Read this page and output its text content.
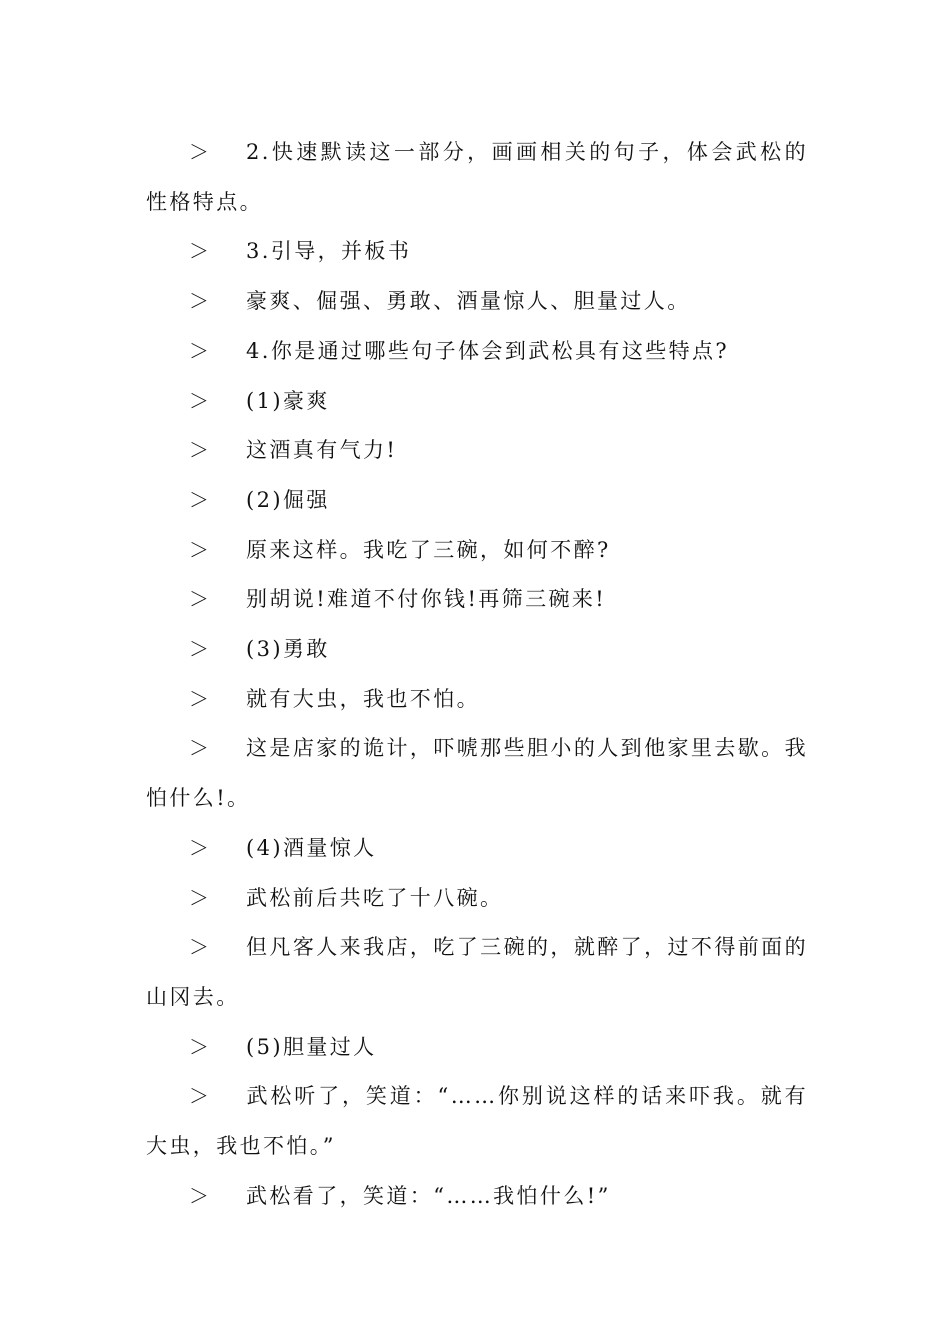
＞ 2.快速默读这一部分，画画相关的句子，体会武松的性格特点。

＞ 3.引导，并板书

＞ 豪爽、倔强、勇敢、酒量惊人、胆量过人。

＞ 4.你是通过哪些句子体会到武松具有这些特点?

＞ (1)豪爽

＞ 这酒真有气力!

＞ (2)倔强

＞ 原来这样。我吃了三碗，如何不醉?

＞ 别胡说!难道不付你钱!再筛三碗来!

＞ (3)勇敢

＞ 就有大虫，我也不怕。

＞ 这是店家的诡计，吓唬那些胆小的人到他家里去歇。我怕什么!。

＞ (4)酒量惊人

＞ 武松前后共吃了十八碗。

＞ 但凡客人来我店，吃了三碗的，就醉了，过不得前面的山冈去。

＞ (5)胆量过人

＞ 武松听了，笑道：“……你别说这样的话来吓我。就有大虫，我也不怕。”

＞ 武松看了，笑道：“……我怕什么!”
